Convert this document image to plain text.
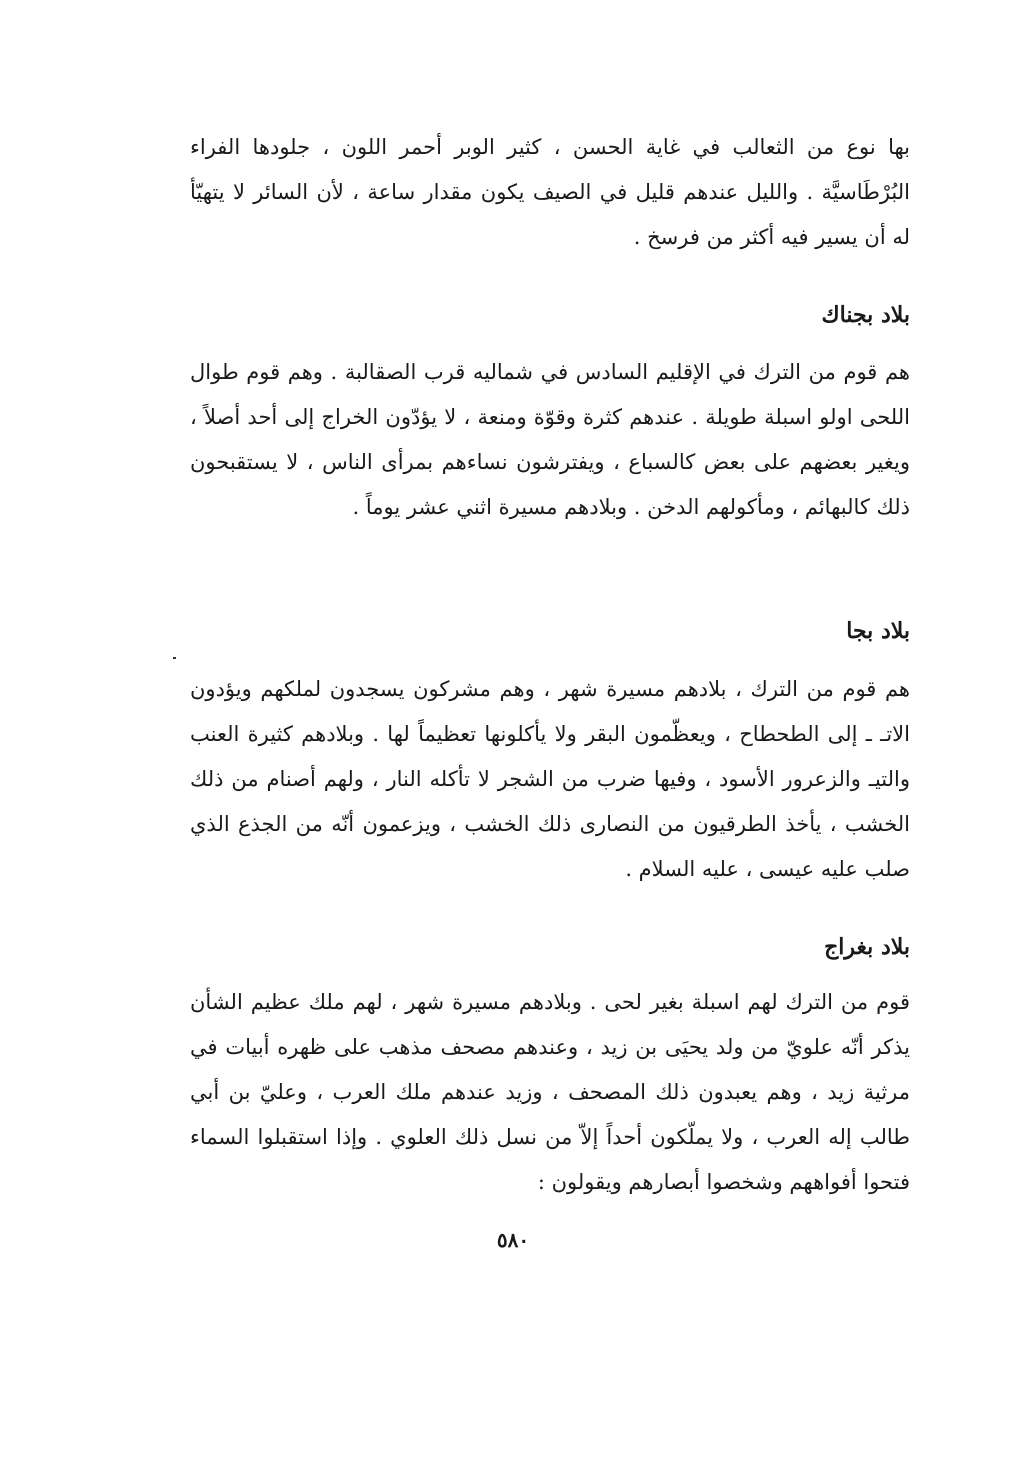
بها نوع من الثعالب في غاية الحسن ، كثير الوبر أحمر اللون ، جلودها الفراء البُرْطَاسيَّة . والليل عندهم قليل في الصيف يكون مقدار ساعة ، لأن السائر لا يتهيّأ له أن يسير فيه أكثر من فرسخ .

بلاد بجناك

هم قوم من الترك في الإقليم السادس في شماليه قرب الصقالبة . وهم قوم طوال اللحى اولو اسبلة طويلة . عندهم كثرة وقوّة ومنعة ، لا يؤدّون الخراج إلى أحد أصلاً ، ويغير بعضهم على بعض كالسباع ، ويفترشون نساءهم بمرأى الناس ، لا يستقبحون ذلك كالبهائم ، ومأكولهم الدخن . وبلادهم مسيرة اثني عشر يوماً .

بلاد بجا

هم قوم من الترك ، بلادهم مسيرة شهر ، وهم مشركون يسجدون لملكهم ويؤدون الاتـ ـ إلى الطحطاح ، ويعظّمون البقر ولا يأكلونها تعظيماً لها . وبلادهم كثيرة العنب والتيـ والزعرور الأسود ، وفيها ضرب من الشجر لا تأكله النار ، ولهم أصنام من ذلك الخشب ، يأخذ الطرقيون من النصارى ذلك الخشب ، ويزعمون أنّه من الجذع الذي صلب عليه عيسى ، عليه السلام .

بلاد بغراج

قوم من الترك لهم اسبلة بغير لحى . وبلادهم مسيرة شهر ، لهم ملك عظيم الشأن يذكر أنّه علويّ من ولد يحيَى بن زيد ، وعندهم مصحف مذهب على ظهره أبيات في مرثية زيد ، وهم يعبدون ذلك المصحف ، وزيد عندهم ملك العرب ، وعليّ بن أبي طالب إله العرب ، ولا يملّكون أحداً إلاّ من نسل ذلك العلوي . وإذا استقبلوا السماء فتحوا أفواههم وشخصوا أبصارهم ويقولون :

٥٨٠
